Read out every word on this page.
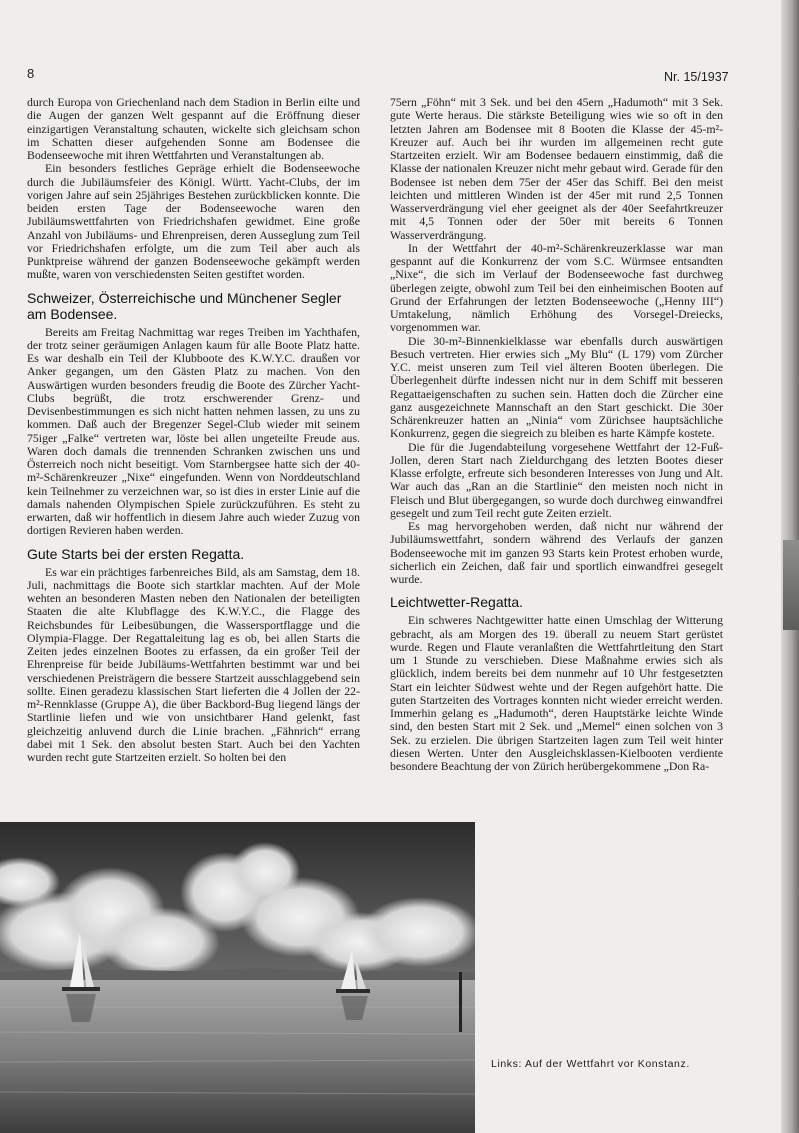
8	Nr. 15/1937

durch Europa von Griechenland nach dem Stadion in Berlin eilte und die Augen der ganzen Welt gespannt auf die Eröffnung dieser einzigartigen Veranstaltung schauten, wickelte sich gleichsam schon im Schatten dieser aufgehenden Sonne am Bodensee die Bodenseewoche mit ihren Wettfahrten und Veranstaltungen ab.

Ein besonders festliches Gepräge erhielt die Bodenseewoche durch die Jubiläumsfeier des Königl. Württ. Yacht-Clubs, der im vorigen Jahre auf sein 25jähriges Bestehen zurückblicken konnte. Die beiden ersten Tage der Bodenseewoche waren den Jubiläumswettfahrten von Friedrichshafen gewidmet. Eine große Anzahl von Jubiläums- und Ehrenpreisen, deren Ausseglung zum Teil vor Friedrichshafen erfolgte, um die zum Teil aber auch als Punktpreise während der ganzen Bodenseewoche gekämpft werden mußte, waren von verschiedensten Seiten gestiftet worden.

Schweizer, Österreichische und Münchener Segler am Bodensee.

Bereits am Freitag Nachmittag war reges Treiben im Yachthafen, der trotz seiner geräumigen Anlagen kaum für alle Boote Platz hatte. Es war deshalb ein Teil der Klubboote des K.W.Y.C. draußen vor Anker gegangen, um den Gästen Platz zu machen. Von den Auswärtigen wurden besonders freudig die Boote des Zürcher Yacht-Clubs begrüßt, die trotz erschwerender Grenz- und Devisenbestimmungen es sich nicht hatten nehmen lassen, zu uns zu kommen. Daß auch der Bregenzer Segel-Club wieder mit seinem 75iger „Falke“ vertreten war, löste bei allen ungeteilte Freude aus. Waren doch damals die trennenden Schranken zwischen uns und Österreich noch nicht beseitigt. Vom Starnbergsee hatte sich der 40-m²-Schärenkreuzer „Nixe“ eingefunden. Wenn von Norddeutschland kein Teilnehmer zu verzeichnen war, so ist dies in erster Linie auf die damals nahenden Olympischen Spiele zurückzuführen. Es steht zu erwarten, daß wir hoffentlich in diesem Jahre auch wieder Zuzug von dortigen Revieren haben werden.

Gute Starts bei der ersten Regatta.

Es war ein prächtiges farbenreiches Bild, als am Samstag, dem 18. Juli, nachmittags die Boote sich startklar machten. Auf der Mole wehten an besonderen Masten neben den Nationalen der beteiligten Staaten die alte Klubflagge des K.W.Y.C., die Flagge des Reichsbundes für Leibesübungen, die Wassersportflagge und die Olympia-Flagge. Der Regattaleitung lag es ob, bei allen Starts die Zeiten jedes einzelnen Bootes zu erfassen, da ein großer Teil der Ehrenpreise für beide Jubiläums-Wettfahrten bestimmt war und bei verschiedenen Preisträgern die bessere Startzeit ausschlaggebend sein sollte. Einen geradezu klassischen Start lieferten die 4 Jollen der 22-m²-Rennklasse (Gruppe A), die über Backbord-Bug liegend längs der Startlinie liefen und wie von unsichtbarer Hand gelenkt, fast gleichzeitig anluvend durch die Linie brachen. „Fähnrich“ errang dabei mit 1 Sek. den absolut besten Start. Auch bei den Yachten wurden recht gute Startzeiten erzielt. So holten bei den

75ern „Föhn“ mit 3 Sek. und bei den 45ern „Hadumoth“ mit 3 Sek. gute Werte heraus. Die stärkste Beteiligung wies wie so oft in den letzten Jahren am Bodensee mit 8 Booten die Klasse der 45-m²-Kreuzer auf. Auch bei ihr wurden im allgemeinen recht gute Startzeiten erzielt. Wir am Bodensee bedauern einstimmig, daß die Klasse der nationalen Kreuzer nicht mehr gebaut wird. Gerade für den Bodensee ist neben dem 75er der 45er das Schiff. Bei den meist leichten und mittleren Winden ist der 45er mit rund 2,5 Tonnen Wasserverdrängung viel eher geeignet als der 40er Seefahrtkreuzer mit 4,5 Tonnen oder der 50er mit bereits 6 Tonnen Wasserverdrängung.

In der Wettfahrt der 40-m²-Schärenkreuzerklasse war man gespannt auf die Konkurrenz der vom S.C. Würmsee entsandten „Nixe“, die sich im Verlauf der Bodenseewoche fast durchweg überlegen zeigte, obwohl zum Teil bei den einheimischen Booten auf Grund der Erfahrungen der letzten Bodenseewoche („Henny III“) Umtakelung, nämlich Erhöhung des Vorsegel-Dreiecks, vorgenommen war.

Die 30-m²-Binnenkielklasse war ebenfalls durch auswärtigen Besuch vertreten. Hier erwies sich „My Blu“ (L 179) vom Zürcher Y.C. meist unseren zum Teil viel älteren Booten überlegen. Die Überlegenheit dürfte indessen nicht nur in dem Schiff mit besseren Regattaeigenschaften zu suchen sein. Hatten doch die Zürcher eine ganz ausgezeichnete Mannschaft an den Start geschickt. Die 30er Schärenkreuzer hatten an „Ninia“ vom Zürichsee hauptsächliche Konkurrenz, gegen die siegreich zu bleiben es harte Kämpfe kostete.

Die für die Jugendabteilung vorgesehene Wettfahrt der 12-Fuß-Jollen, deren Start nach Zieldurchgang des letzten Bootes dieser Klasse erfolgte, erfreute sich besonderen Interesses von Jung und Alt. War auch das „Ran an die Startlinie“ den meisten noch nicht in Fleisch und Blut übergegangen, so wurde doch durchweg einwandfrei gesegelt und zum Teil recht gute Zeiten erzielt.

Es mag hervorgehoben werden, daß nicht nur während der Jubiläumswettfahrt, sondern während des Verlaufs der ganzen Bodenseewoche mit im ganzen 93 Starts kein Protest erhoben wurde, sicherlich ein Zeichen, daß fair und sportlich einwandfrei gesegelt wurde.

Leichtwetter-Regatta.

Ein schweres Nachtgewitter hatte einen Umschlag der Witterung gebracht, als am Morgen des 19. überall zu neuem Start gerüstet wurde. Regen und Flaute veranlaßten die Wettfahrtleitung den Start um 1 Stunde zu verschieben. Diese Maßnahme erwies sich als glücklich, indem bereits bei dem nunmehr auf 10 Uhr festgesetzten Start ein leichter Südwest wehte und der Regen aufgehört hatte. Die guten Startzeiten des Vortrages konnten nicht wieder erreicht werden. Immerhin gelang es „Hadumoth“, deren Hauptstärke leichte Winde sind, den besten Start mit 2 Sek. und „Memel“ einen solchen von 3 Sek. zu erzielen. Die übrigen Startzeiten lagen zum Teil weit hinter diesen Werten. Unter den Ausgleichsklassen-Kielbooten verdiente besondere Beachtung der von Zürich herübergekommene „Don Ra-

Links: Auf der Wettfahrt vor Konstanz.
